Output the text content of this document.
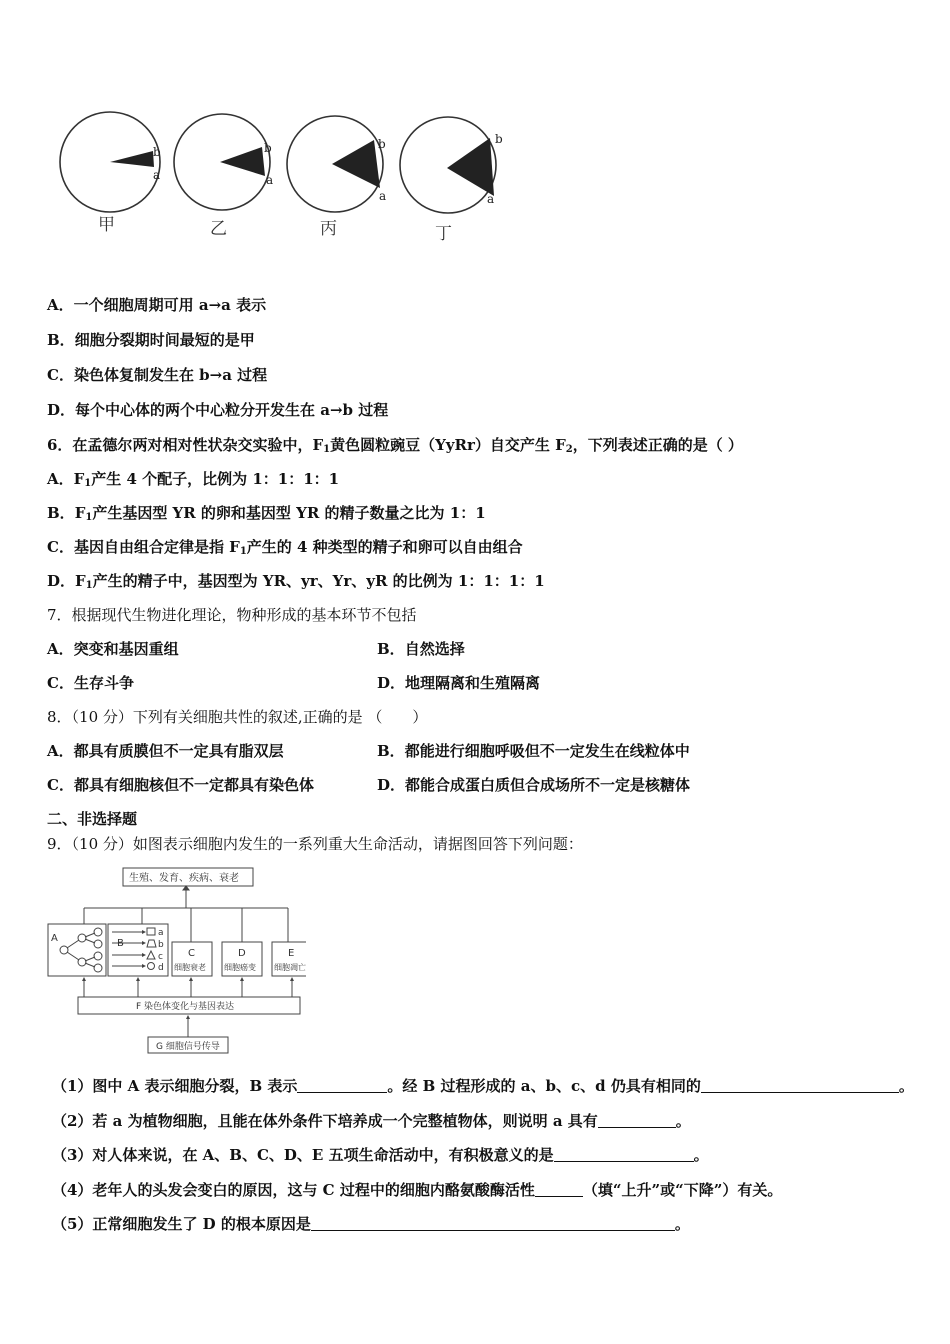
b
a
甲
b
a
乙
b
a
丙
b
a
丁
A．一个细胞周期可用 a→a 表示
B．细胞分裂期时间最短的是甲
C．染色体复制发生在 b→a 过程
D．每个中心体的两个中心粒分开发生在 a→b 过程
6．在孟德尔两对相对性状杂交实验中，$F_1$黄色圆粒豌豆（YyRr）自交产生 $F_2$，下列表述正确的是（ ）
A．$F_1$产生 4 个配子，比例为 1：1：1：1
B．$F_1$产生基因型 YR 的卵和基因型 YR 的精子数量之比为 1：1
C．基因自由组合定律是指 $F_1$产生的 4 种类型的精子和卵可以自由组合
D．$F_1$产生的精子中，基因型为 YR、yr、Yr、yR 的比例为 1：1：1：1
7．根据现代生物进化理论，物种形成的基本环节不包括
A．突变和基因重组	B．自然选择
C．生存斗争	D．地理隔离和生殖隔离
8．（10 分）下列有关细胞共性的叙述,正确的是 （　　）
A．都具有质膜但不一定具有脂双层	B．都能进行细胞呼吸但不一定发生在线粒体中
C．都具有细胞核但不一定都具有染色体	D．都能合成蛋白质但合成场所不一定是核糖体
二、非选择题
9．（10 分）如图表示细胞内发生的一系列重大生命活动，请据图回答下列问题：
生殖、发育、疾病、衰老
A	B
a
b
c
d
C
细胞衰老
D
细胞癌变
E
细胞凋亡
F 染色体变化与基因表达
G 细胞信号传导
（1）图中 A 表示细胞分裂，B 表示	。经 B 过程形成的 a、b、c、d 仍具有相同的	。
（2）若 a 为植物细胞，且能在体外条件下培养成一个完整植物体，则说明 a 具有	。
（3）对人体来说，在 A、B、C、D、E 五项生命活动中，有积极意义的是	。
（4）老年人的头发会变白的原因，这与 C 过程中的细胞内酪氨酸酶活性	（填“上升”或“下降”）有关。
（5）正常细胞发生了 D 的根本原因是	。
